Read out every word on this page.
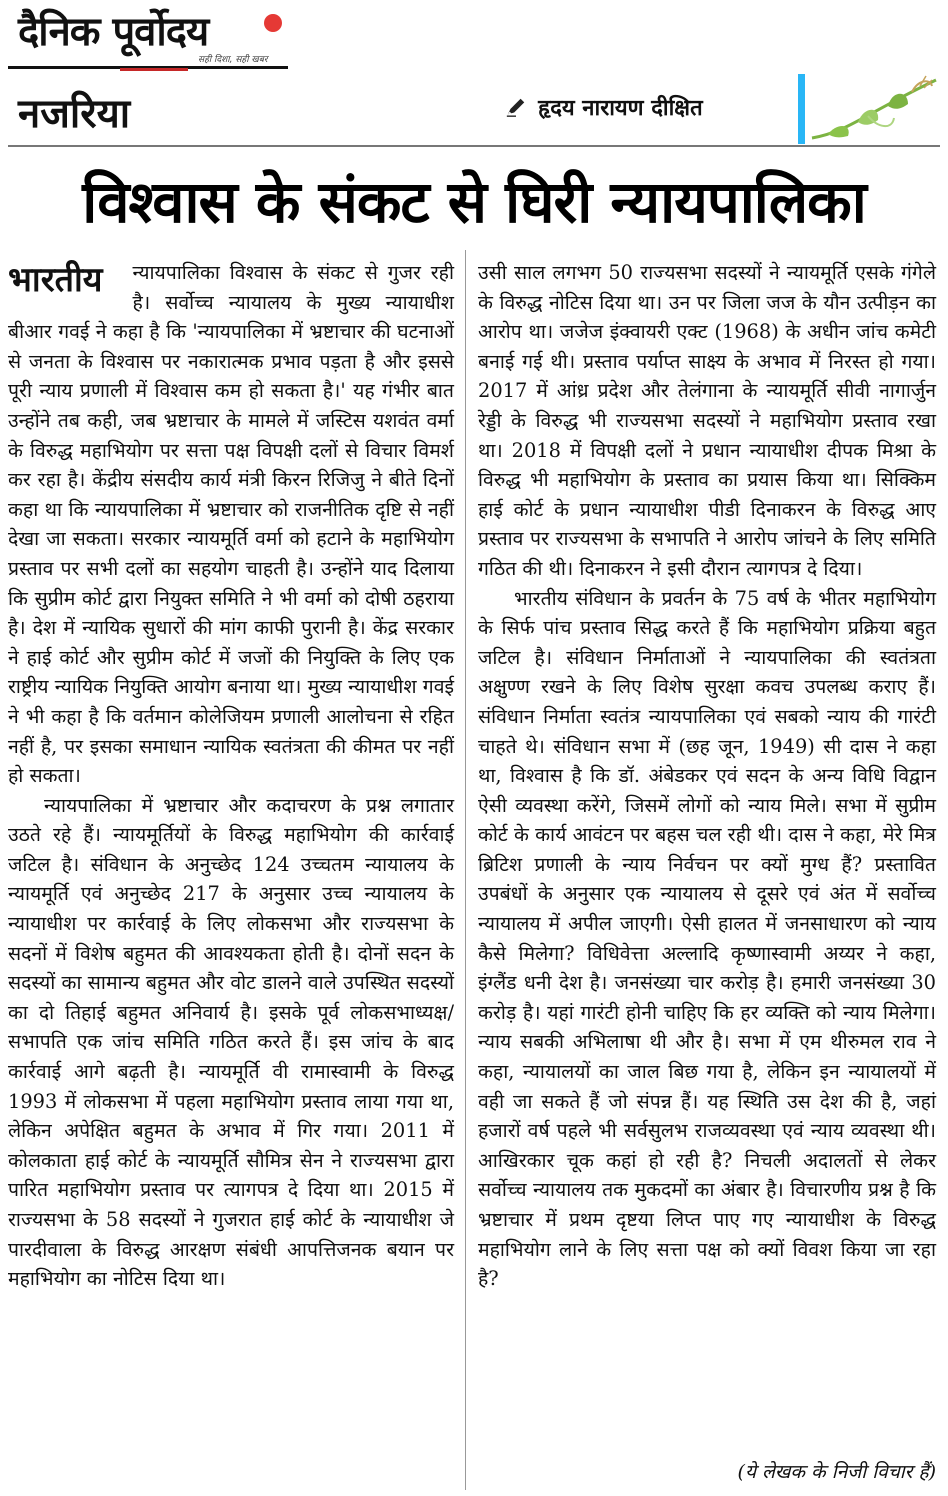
दैनिक पूर्वोदय
सही दिशा, सही खबर
नजरिया	हृदय नारायण दीक्षित
विश्वास के संकट से घिरी न्यायपालिका

भारतीय न्यायपालिका विश्वास के संकट से गुजर रही है। सर्वोच्च न्यायालय के मुख्य न्यायाधीश बीआर गवई ने कहा है कि 'न्यायपालिका में भ्रष्टाचार की घटनाओं से जनता के विश्वास पर नकारात्मक प्रभाव पड़ता है और इससे पूरी न्याय प्रणाली में विश्वास कम हो सकता है।' यह गंभीर बात उन्होंने तब कही, जब भ्रष्टाचार के मामले में जस्टिस यशवंत वर्मा के विरुद्ध महाभियोग पर सत्ता पक्ष विपक्षी दलों से विचार विमर्श कर रहा है। केंद्रीय संसदीय कार्य मंत्री किरन रिजिजु ने बीते दिनों कहा था कि न्यायपालिका में भ्रष्टाचार को राजनीतिक दृष्टि से नहीं देखा जा सकता। सरकार न्यायमूर्ति वर्मा को हटाने के महाभियोग प्रस्ताव पर सभी दलों का सहयोग चाहती है। उन्होंने याद दिलाया कि सुप्रीम कोर्ट द्वारा नियुक्त समिति ने भी वर्मा को दोषी ठहराया है। देश में न्यायिक सुधारों की मांग काफी पुरानी है। केंद्र सरकार ने हाई कोर्ट और सुप्रीम कोर्ट में जजों की नियुक्ति के लिए एक राष्ट्रीय न्यायिक नियुक्ति आयोग बनाया था। मुख्य न्यायाधीश गवई ने भी कहा है कि वर्तमान कोलेजियम प्रणाली आलोचना से रहित नहीं है, पर इसका समाधान न्यायिक स्वतंत्रता की कीमत पर नहीं हो सकता।

न्यायपालिका में भ्रष्टाचार और कदाचरण के प्रश्न लगातार उठते रहे हैं। न्यायमूर्तियों के विरुद्ध महाभियोग की कार्रवाई जटिल है। संविधान के अनुच्छेद 124 उच्चतम न्यायालय के न्यायमूर्ति एवं अनुच्छेद 217 के अनुसार उच्च न्यायालय के न्यायाधीश पर कार्रवाई के लिए लोकसभा और राज्यसभा के सदनों में विशेष बहुमत की आवश्यकता होती है। दोनों सदन के सदस्यों का सामान्य बहुमत और वोट डालने वाले उपस्थित सदस्यों का दो तिहाई बहुमत अनिवार्य है। इसके पूर्व लोकसभाध्यक्ष/सभापति एक जांच समिति गठित करते हैं। इस जांच के बाद कार्रवाई आगे बढ़ती है। न्यायमूर्ति वी रामास्वामी के विरुद्ध 1993 में लोकसभा में पहला महाभियोग प्रस्ताव लाया गया था, लेकिन अपेक्षित बहुमत के अभाव में गिर गया। 2011 में कोलकाता हाई कोर्ट के न्यायमूर्ति सौमित्र सेन ने राज्यसभा द्वारा पारित महाभियोग प्रस्ताव पर त्यागपत्र दे दिया था। 2015 में राज्यसभा के 58 सदस्यों ने गुजरात हाई कोर्ट के न्यायाधीश जे पारदीवाला के विरुद्ध आरक्षण संबंधी आपत्तिजनक बयान पर महाभियोग का नोटिस दिया था।

उसी साल लगभग 50 राज्यसभा सदस्यों ने न्यायमूर्ति एसके गंगेले के विरुद्ध नोटिस दिया था। उन पर जिला जज के यौन उत्पीड़न का आरोप था। जजेज इंक्वायरी एक्ट (1968) के अधीन जांच कमेटी बनाई गई थी। प्रस्ताव पर्याप्त साक्ष्य के अभाव में निरस्त हो गया। 2017 में आंध्र प्रदेश और तेलंगाना के न्यायमूर्ति सीवी नागार्जुन रेड्डी के विरुद्ध भी राज्यसभा सदस्यों ने महाभियोग प्रस्ताव रखा था। 2018 में विपक्षी दलों ने प्रधान न्यायाधीश दीपक मिश्रा के विरुद्ध भी महाभियोग के प्रस्ताव का प्रयास किया था। सिक्किम हाई कोर्ट के प्रधान न्यायाधीश पीडी दिनाकरन के विरुद्ध आए प्रस्ताव पर राज्यसभा के सभापति ने आरोप जांचने के लिए समिति गठित की थी। दिनाकरन ने इसी दौरान त्यागपत्र दे दिया।

भारतीय संविधान के प्रवर्तन के 75 वर्ष के भीतर महाभियोग के सिर्फ पांच प्रस्ताव सिद्ध करते हैं कि महाभियोग प्रक्रिया बहुत जटिल है। संविधान निर्माताओं ने न्यायपालिका की स्वतंत्रता अक्षुण्ण रखने के लिए विशेष सुरक्षा कवच उपलब्ध कराए हैं। संविधान निर्माता स्वतंत्र न्यायपालिका एवं सबको न्याय की गारंटी चाहते थे। संविधान सभा में (छह जून, 1949) सी दास ने कहा था, विश्वास है कि डॉ. अंबेडकर एवं सदन के अन्य विधि विद्वान ऐसी व्यवस्था करेंगे, जिसमें लोगों को न्याय मिले। सभा में सुप्रीम कोर्ट के कार्य आवंटन पर बहस चल रही थी। दास ने कहा, मेरे मित्र ब्रिटिश प्रणाली के न्याय निर्वचन पर क्यों मुग्ध हैं? प्रस्तावित उपबंधों के अनुसार एक न्यायालय से दूसरे एवं अंत में सर्वोच्च न्यायालय में अपील जाएगी। ऐसी हालत में जनसाधारण को न्याय कैसे मिलेगा? विधिवेत्ता अल्लादि कृष्णास्वामी अय्यर ने कहा, इंग्लैंड धनी देश है। जनसंख्या चार करोड़ है। हमारी जनसंख्या 30 करोड़ है। यहां गारंटी होनी चाहिए कि हर व्यक्ति को न्याय मिलेगा। न्याय सबकी अभिलाषा थी और है। सभा में एम थीरुमल राव ने कहा, न्यायालयों का जाल बिछ गया है, लेकिन इन न्यायालयों में वही जा सकते हैं जो संपन्न हैं। यह स्थिति उस देश की है, जहां हजारों वर्ष पहले भी सर्वसुलभ राजव्यवस्था एवं न्याय व्यवस्था थी। आखिरकार चूक कहां हो रही है? निचली अदालतों से लेकर सर्वोच्च न्यायालय तक मुकदमों का अंबार है। विचारणीय प्रश्न है कि भ्रष्टाचार में प्रथम दृष्टया लिप्त पाए गए न्यायाधीश के विरुद्ध महाभियोग लाने के लिए सत्ता पक्ष को क्यों विवश किया जा रहा है?

(ये लेखक के निजी विचार हैं)
